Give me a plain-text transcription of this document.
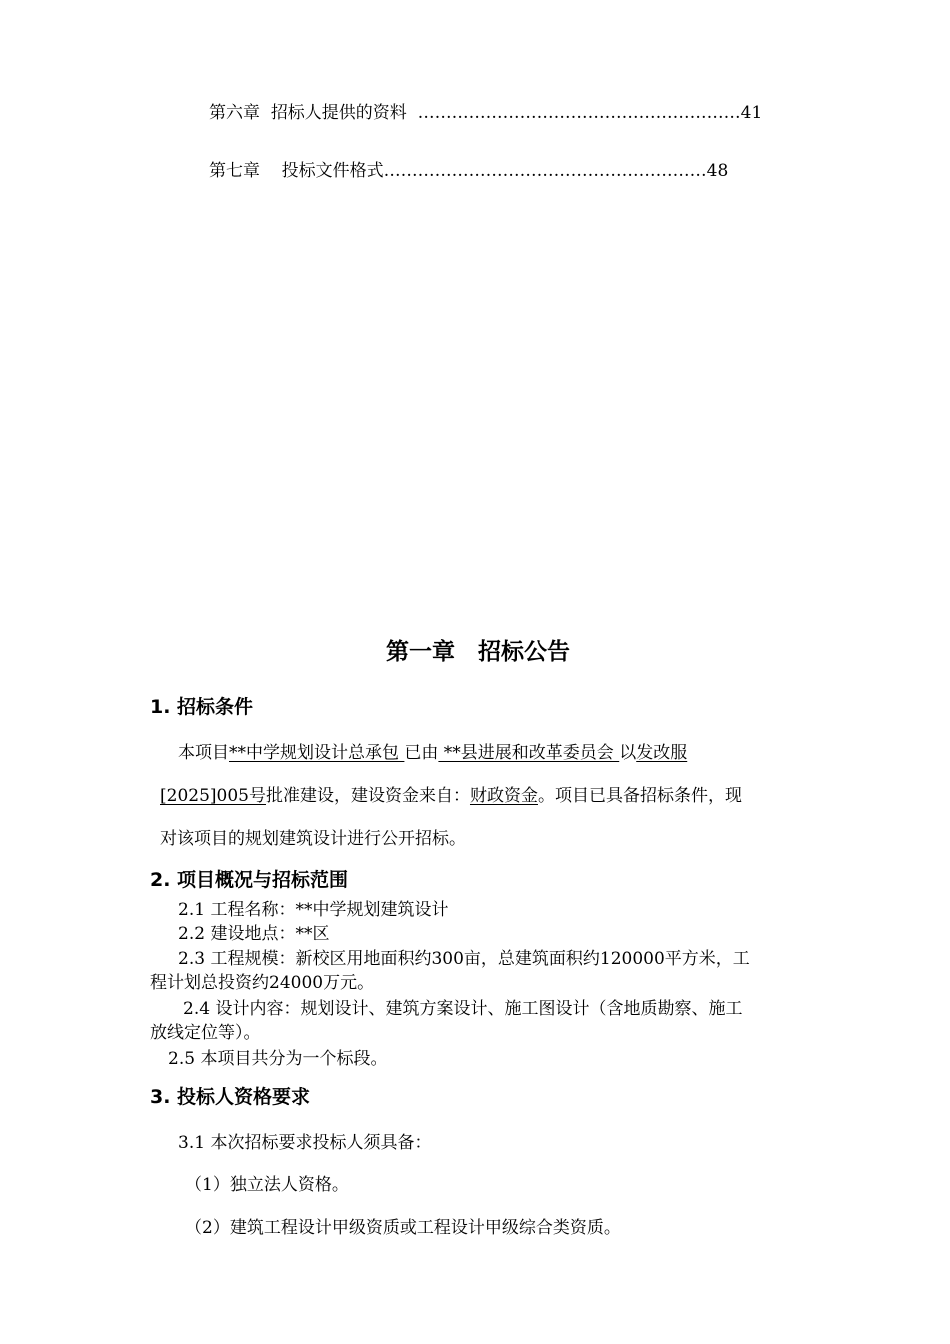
第六章 招标人提供的资料 …………………………………………………41
第七章 投标文件格式…………………………………………………48
第一章　招标公告
1. 招标条件
本项目**中学规划设计总承包 已由 **县进展和改革委员会 以发改服
[2025]005号批准建设，建设资金来自：财政资金。项目已具备招标条件，现
对该项目的规划建筑设计进行公开招标。
2. 项目概况与招标范围
2.1 工程名称：**中学规划建筑设计
2.2 建设地点：**区
2.3 工程规模：新校区用地面积约300亩，总建筑面积约120000平方米，工
程计划总投资约24000万元。
2.4 设计内容：规划设计、建筑方案设计、施工图设计（含地质勘察、施工
放线定位等）。
2.5 本项目共分为一个标段。
3. 投标人资格要求
3.1 本次招标要求投标人须具备：
（1）独立法人资格。
（2）建筑工程设计甲级资质或工程设计甲级综合类资质。
